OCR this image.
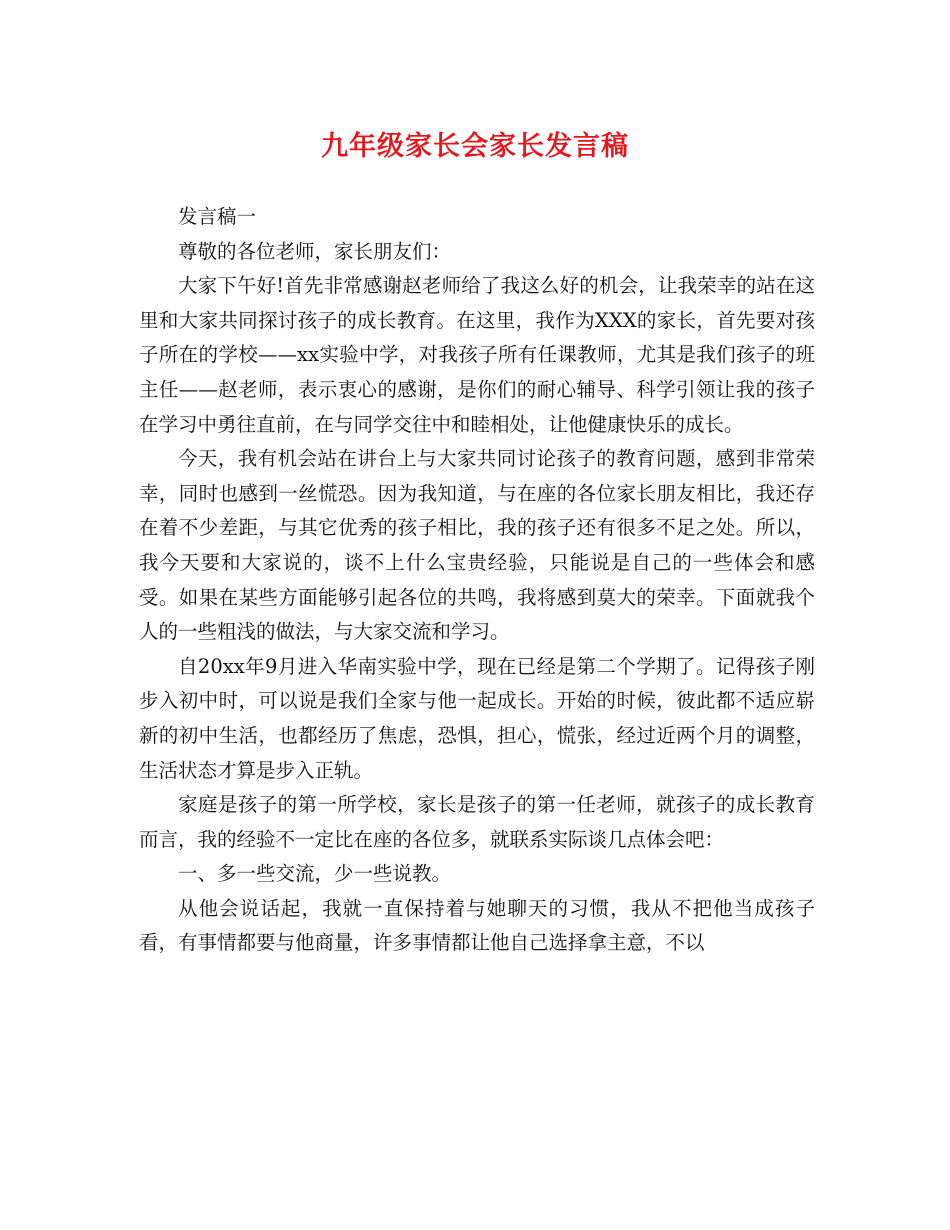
九年级家长会家长发言稿

发言稿一

尊敬的各位老师，家长朋友们：

大家下午好!首先非常感谢赵老师给了我这么好的机会，让我荣幸的站在这里和大家共同探讨孩子的成长教育。在这里，我作为XXX的家长，首先要对孩子所在的学校——xx实验中学，对我孩子所有任课教师，尤其是我们孩子的班主任——赵老师，表示衷心的感谢，是你们的耐心辅导、科学引领让我的孩子在学习中勇往直前，在与同学交往中和睦相处，让他健康快乐的成长。

今天，我有机会站在讲台上与大家共同讨论孩子的教育问题，感到非常荣幸，同时也感到一丝慌恐。因为我知道，与在座的各位家长朋友相比，我还存在着不少差距，与其它优秀的孩子相比，我的孩子还有很多不足之处。所以，我今天要和大家说的，谈不上什么宝贵经验，只能说是自己的一些体会和感受。如果在某些方面能够引起各位的共鸣，我将感到莫大的荣幸。下面就我个人的一些粗浅的做法，与大家交流和学习。

自20xx年9月进入华南实验中学，现在已经是第二个学期了。记得孩子刚步入初中时，可以说是我们全家与他一起成长。开始的时候，彼此都不适应崭新的初中生活，也都经历了焦虑，恐惧，担心，慌张，经过近两个月的调整，生活状态才算是步入正轨。

家庭是孩子的第一所学校，家长是孩子的第一任老师，就孩子的成长教育而言，我的经验不一定比在座的各位多，就联系实际谈几点体会吧：

一、多一些交流，少一些说教。

从他会说话起，我就一直保持着与她聊天的习惯，我从不把他当成孩子看，有事情都要与他商量，许多事情都让他自己选择拿主意，不以
